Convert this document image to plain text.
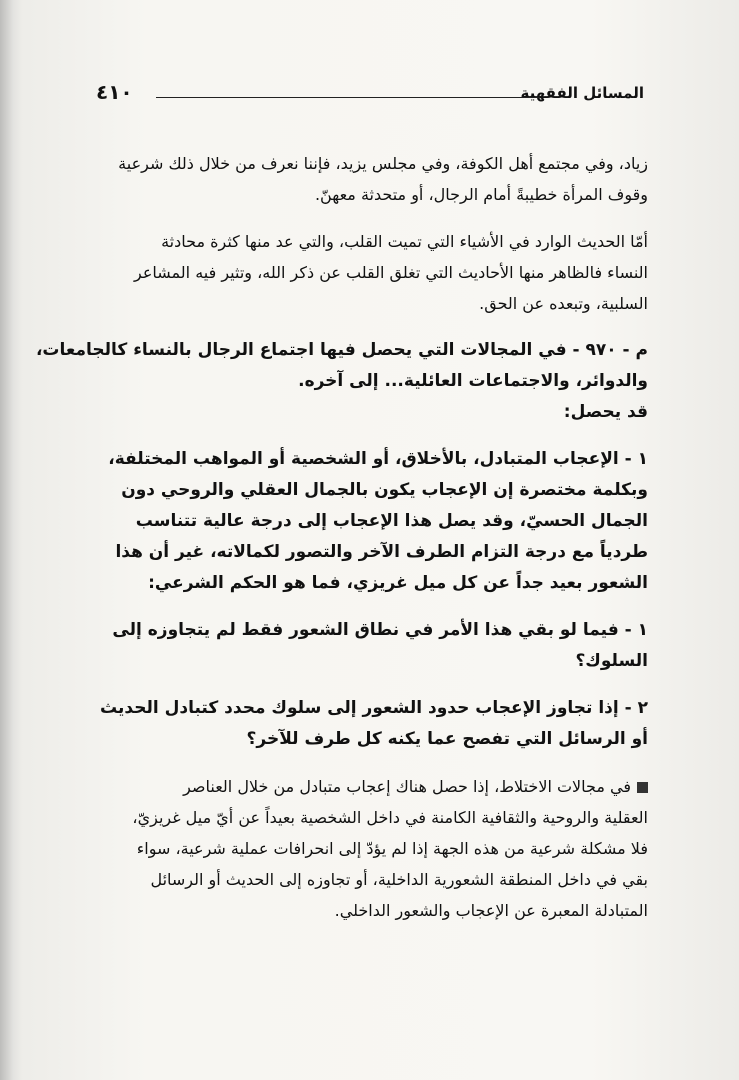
المسائل الفقهية
٤١٠
زياد، وفي مجتمع أهل الكوفة، وفي مجلس يزيد، فإننا نعرف من خلال ذلك شرعية
وقوف المرأة خطيبةً أمام الرجال، أو متحدثة معهنّ.
أمّا الحديث الوارد في الأشياء التي تميت القلب، والتي عد منها كثرة محادثة
النساء فالظاهر منها الأحاديث التي تغلق القلب عن ذكر الله، وتثير فيه المشاعر
السلبية، وتبعده عن الحق.
م - ٩٧٠ - في المجالات التي يحصل فيها اجتماع الرجال بالنساء كالجامعات،
والدوائر، والاجتماعات العائلية... إلى آخره.
قد يحصل:
١ - الإعجاب المتبادل، بالأخلاق، أو الشخصية أو المواهب المختلفة،
وبكلمة مختصرة إن الإعجاب يكون بالجمال العقلي والروحي دون
الجمال الحسيّ، وقد يصل هذا الإعجاب إلى درجة عالية تتناسب
طردياً مع درجة التزام الطرف الآخر والتصور لكمالاته، غير أن هذا
الشعور بعيد جداً عن كل ميل غريزي، فما هو الحكم الشرعي:
١ - فيما لو بقي هذا الأمر في نطاق الشعور فقط لم يتجاوزه إلى
السلوك؟
٢ - إذا تجاوز الإعجاب حدود الشعور إلى سلوك محدد كتبادل الحديث
أو الرسائل التي تفصح عما يكنه كل طرف للآخر؟
في مجالات الاختلاط، إذا حصل هناك إعجاب متبادل من خلال العناصر
العقلية والروحية والثقافية الكامنة في داخل الشخصية بعيداً عن أيّ ميل غريزيّ،
فلا مشكلة شرعية من هذه الجهة إذا لم يؤدّ إلى انحرافات عملية شرعية، سواء
بقي في داخل المنطقة الشعورية الداخلية، أو تجاوزه إلى الحديث أو الرسائل
المتبادلة المعبرة عن الإعجاب والشعور الداخلي.
